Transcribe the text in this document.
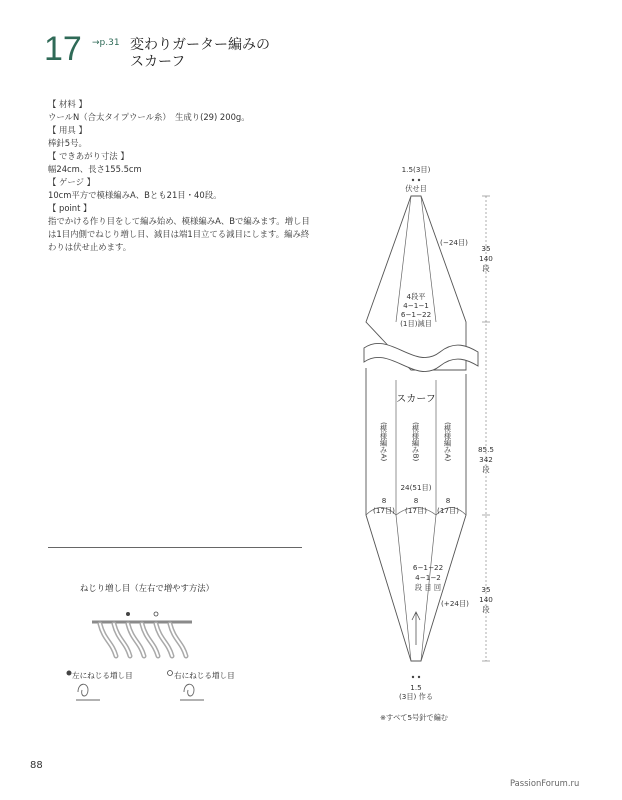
17 →p.31 変わりガーター編みの
スカーフ
【 材料 】
ウールN（合太タイプウール糸）　生成り(29) 200g。
【 用具 】
棒針5号。
【 できあがり寸法 】
幅24cm、長さ155.5cm
【 ゲージ 】
10cm平方で模様編みA、Bとも21目・40段。
【 point 】
指でかける作り目をして編み始め、模様編みA、Bで編みます。増し目
は1目内側でねじり増し目、減目は端1目立てる減目にします。編み終
わりは伏せ止めます。
1.5(3目)
伏せ目
(−24目)
4段平
4−1−1
6−1−22
(1目)減目
スカーフ
(模様編みA)	(模様編みB)	(模様編みA)
24(51目)
8
(17目)
8
(17目)
8
(17目)
6−1−22
4−1−2
段 目 回
(+24目)
1.5
(3目) 作る
※すべて5号針で編む
35
140
段
85.5
342
段
35
140
段
ねじり増し目（左右で増やす方法）
左にねじる増し目	右にねじる増し目
88
PassionForum.ru
